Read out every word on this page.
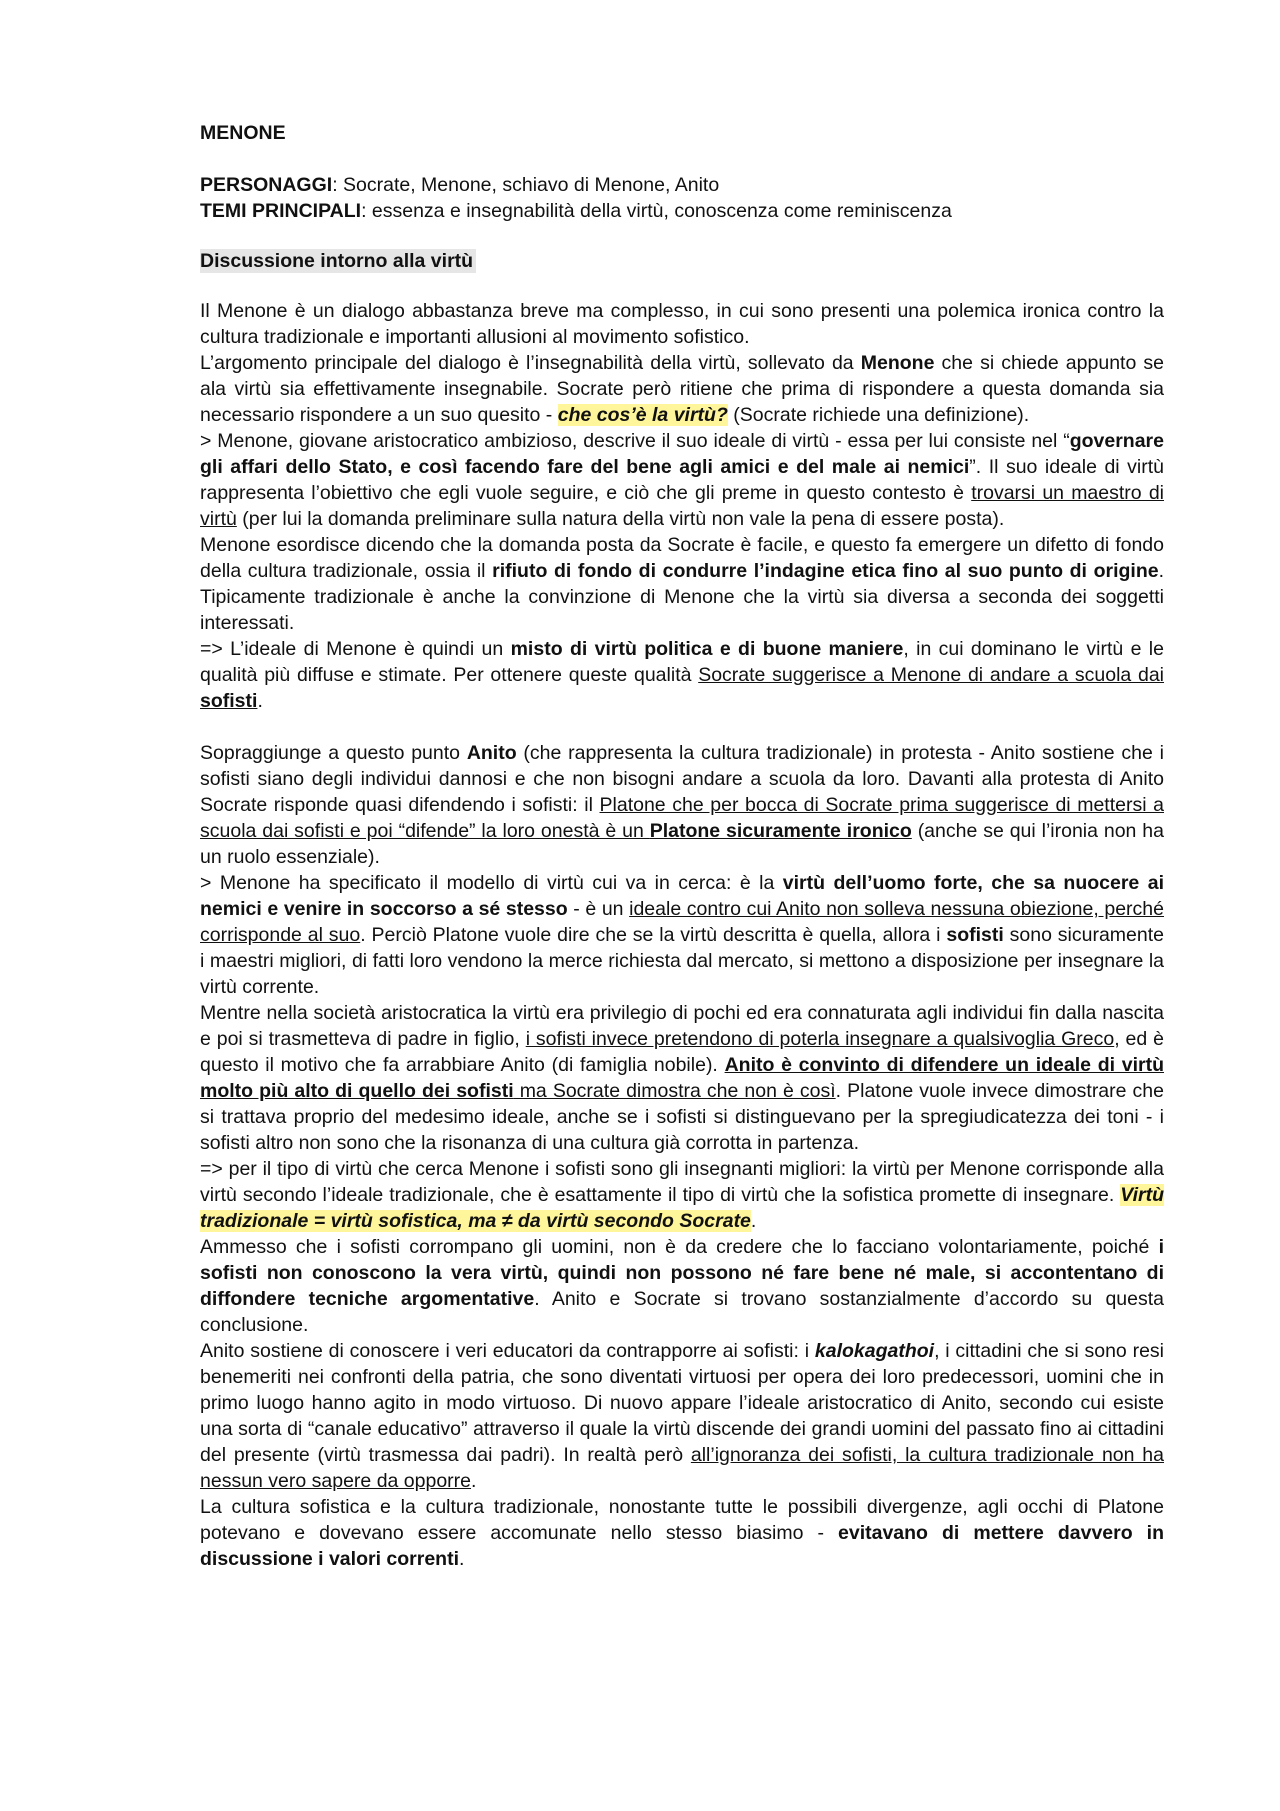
MENONE

PERSONAGGI: Socrate, Menone, schiavo di Menone, Anito

TEMI PRINCIPALI: essenza e insegnabilità della virtù, conoscenza come reminiscenza

Discussione intorno alla virtù

Il Menone è un dialogo abbastanza breve ma complesso, in cui sono presenti una polemica ironica contro la cultura tradizionale e importanti allusioni al movimento sofistico.

L’argomento principale del dialogo è l’insegnabilità della virtù, sollevato da Menone che si chiede appunto se ala virtù sia effettivamente insegnabile. Socrate però ritiene che prima di rispondere a questa domanda sia necessario rispondere a un suo quesito - che cos’è la virtù? (Socrate richiede una definizione).

> Menone, giovane aristocratico ambizioso, descrive il suo ideale di virtù - essa per lui consiste nel “governare gli affari dello Stato, e così facendo fare del bene agli amici e del male ai nemici”. Il suo ideale di virtù rappresenta l’obiettivo che egli vuole seguire, e ciò che gli preme in questo contesto è trovarsi un maestro di virtù (per lui la domanda preliminare sulla natura della virtù non vale la pena di essere posta).

Menone esordisce dicendo che la domanda posta da Socrate è facile, e questo fa emergere un difetto di fondo della cultura tradizionale, ossia il rifiuto di fondo di condurre l’indagine etica fino al suo punto di origine. Tipicamente tradizionale è anche la convinzione di Menone che la virtù sia diversa a seconda dei soggetti interessati.

=> L’ideale di Menone è quindi un misto di virtù politica e di buone maniere, in cui dominano le virtù e le qualità più diffuse e stimate. Per ottenere queste qualità Socrate suggerisce a Menone di andare a scuola dai sofisti.

Sopraggiunge a questo punto Anito (che rappresenta la cultura tradizionale) in protesta - Anito sostiene che i sofisti siano degli individui dannosi e che non bisogni andare a scuola da loro. Davanti alla protesta di Anito Socrate risponde quasi difendendo i sofisti: il Platone che per bocca di Socrate prima suggerisce di mettersi a scuola dai sofisti e poi “difende” la loro onestà è un Platone sicuramente ironico (anche se qui l’ironia non ha un ruolo essenziale).

> Menone ha specificato il modello di virtù cui va in cerca: è la virtù dell’uomo forte, che sa nuocere ai nemici e venire in soccorso a sé stesso - è un ideale contro cui Anito non solleva nessuna obiezione, perché corrisponde al suo. Perciò Platone vuole dire che se la virtù descritta è quella, allora i sofisti sono sicuramente i maestri migliori, di fatti loro vendono la merce richiesta dal mercato, si mettono a disposizione per insegnare la virtù corrente.

Mentre nella società aristocratica la virtù era privilegio di pochi ed era connaturata agli individui fin dalla nascita e poi si trasmetteva di padre in figlio, i sofisti invece pretendono di poterla insegnare a qualsivoglia Greco, ed è questo il motivo che fa arrabbiare Anito (di famiglia nobile). Anito è convinto di difendere un ideale di virtù molto più alto di quello dei sofisti ma Socrate dimostra che non è così. Platone vuole invece dimostrare che si trattava proprio del medesimo ideale, anche se i sofisti si distinguevano per la spregiudicatezza dei toni - i sofisti altro non sono che la risonanza di una cultura già corrotta in partenza.

=> per il tipo di virtù che cerca Menone i sofisti sono gli insegnanti migliori: la virtù per Menone corrisponde alla virtù secondo l’ideale tradizionale, che è esattamente il tipo di virtù che la sofistica promette di insegnare. Virtù tradizionale = virtù sofistica, ma ≠ da virtù secondo Socrate.

Ammesso che i sofisti corrompano gli uomini, non è da credere che lo facciano volontariamente, poiché i sofisti non conoscono la vera virtù, quindi non possono né fare bene né male, si accontentano di diffondere tecniche argomentative. Anito e Socrate si trovano sostanzialmente d’accordo su questa conclusione.

Anito sostiene di conoscere i veri educatori da contrapporre ai sofisti: i kalokagathoi, i cittadini che si sono resi benemeriti nei confronti della patria, che sono diventati virtuosi per opera dei loro predecessori, uomini che in primo luogo hanno agito in modo virtuoso. Di nuovo appare l’ideale aristocratico di Anito, secondo cui esiste una sorta di “canale educativo” attraverso il quale la virtù discende dei grandi uomini del passato fino ai cittadini del presente (virtù trasmessa dai padri). In realtà però all’ignoranza dei sofisti, la cultura tradizionale non ha nessun vero sapere da opporre.

La cultura sofistica e la cultura tradizionale, nonostante tutte le possibili divergenze, agli occhi di Platone potevano e dovevano essere accomunate nello stesso biasimo - evitavano di mettere davvero in discussione i valori correnti.
